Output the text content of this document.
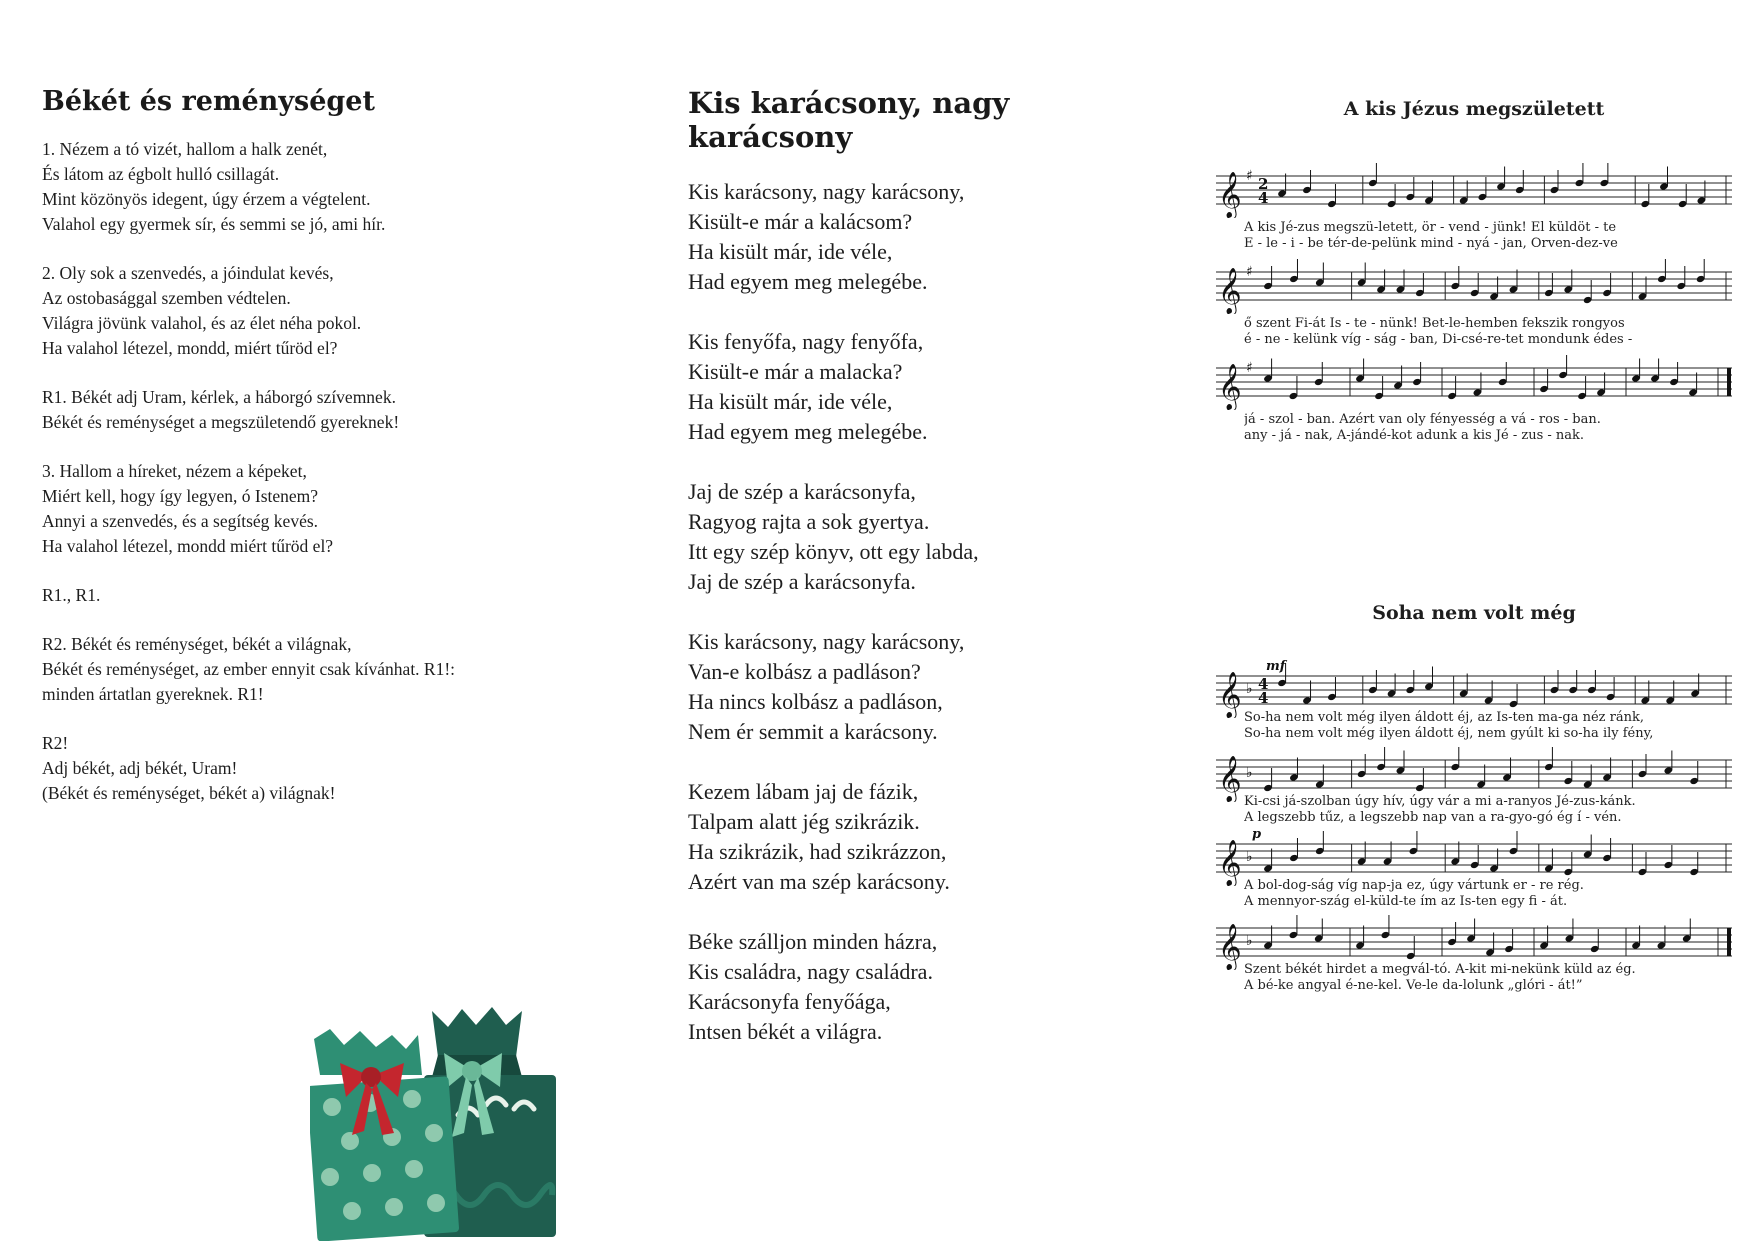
Békét és reménységet
1. Nézem a tó vizét, hallom a halk zenét,
És látom az égbolt hulló csillagát.
Mint közönyös idegent, úgy érzem a végtelent.
Valahol egy gyermek sír, és semmi se jó, ami hír.
2. Oly sok a szenvedés, a jóindulat kevés,
Az ostobasággal szemben védtelen.
Világra jövünk valahol, és az élet néha pokol.
Ha valahol létezel, mondd, miért tűröd el?
R1. Békét adj Uram, kérlek, a háborgó szívemnek.
Békét és reménységet a megszületendő gyereknek!
3. Hallom a híreket, nézem a képeket,
Miért kell, hogy így legyen, ó Istenem?
Annyi a szenvedés, és a segítség kevés.
Ha valahol létezel, mondd miért tűröd el?
R1., R1.
R2. Békét és reménységet, békét a világnak,
Békét és reménységet, az ember ennyit csak kívánhat. R1!:
minden ártatlan gyereknek. R1!
R2!
Adj békét, adj békét, Uram!
(Békét és reménységet, békét a) világnak!
Kis karácsony, nagy karácsony
Kis karácsony, nagy karácsony,
Kisült-e már a kalácsom?
Ha kisült már, ide véle,
Had egyem meg melegébe.
Kis fenyőfa, nagy fenyőfa,
Kisült-e már a malacka?
Ha kisült már, ide véle,
Had egyem meg melegébe.
Jaj de szép a karácsonyfa,
Ragyog rajta a sok gyertya.
Itt egy szép könyv, ott egy labda,
Jaj de szép a karácsonyfa.
Kis karácsony, nagy karácsony,
Van-e kolbász a padláson?
Ha nincs kolbász a padláson,
Nem ér semmit a karácsony.
Kezem lábam jaj de fázik,
Talpam alatt jég szikrázik.
Ha szikrázik, had szikrázzon,
Azért van ma szép karácsony.
Béke szálljon minden házra,
Kis családra, nagy családra.
Karácsonyfa fenyőága,
Intsen békét a világra.
A kis Jézus megszületett
𝄞 ♯ 2
4
A kis Jé-zus megszü-letett, ör - vend - jünk! El küldöt - te
E - le - i - be tér-de-pelünk mind - nyá - jan, Örven-dez-ve
𝄞 ♯
ő szent Fi-át Is - te - nünk! Bet-le-hemben fekszik rongyos
é - ne - kelünk víg - ság - ban, Di-csé-re-tet mondunk édes -
𝄞 ♯
já - szol - ban. Azért van oly fényesség a vá - ros - ban.
any - já - nak, A-jándé-kot adunk a kis Jé - zus - nak.
Soha nem volt még
𝄞 ♭ 4
4
mf
So-ha nem volt még ilyen áldott éj, az Is-ten ma-ga néz ránk,
So-ha nem volt még ilyen áldott éj, nem gyúlt ki so-ha ily fény,
𝄞 ♭
Ki-csi já-szolban úgy hív, úgy vár a mi a-ranyos Jé-zus-kánk.
A legszebb tűz, a legszebb nap van a ra-gyo-gó ég í - vén.
𝄞 ♭
p
A bol-dog-ság víg nap-ja ez, úgy vártunk er - re rég.
A mennyor-szág el-küld-te ím az Is-ten egy fi - át.
𝄞 ♭
Szent békét hirdet a megvál-tó. A-kit mi-nekünk küld az ég.
A bé-ke angyal é-ne-kel. Ve-le da-lolunk „glóri - át!”
